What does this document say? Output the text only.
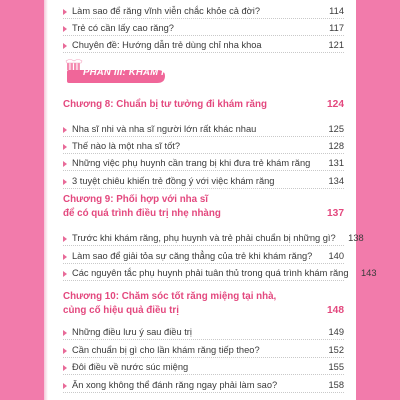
Làm sao để răng vĩnh viễn chắc khỏe cả đời?	114
Trẻ có cần lấy cao răng?	117
Chuyên đề: Hướng dẫn trẻ dùng chỉ nha khoa	121
PHẦN III: KHÁM RĂNG
Chương 8: Chuẩn bị tư tưởng đi khám răng	124
Nha sĩ nhi và nha sĩ người lớn rất khác nhau	125
Thế nào là một nha sĩ tốt?	128
Những việc phụ huynh cần trang bị khi đưa trẻ khám răng	131
3 tuyệt chiêu khiến trẻ đồng ý với việc khám răng	134
Chương 9: Phối hợp với nha sĩ
để có quá trình điều trị nhẹ nhàng	137
Trước khi khám răng, phụ huynh và trẻ phải chuẩn bị những gì?	138
Làm sao để giải tỏa sự căng thẳng của trẻ khi khám răng?	140
Các nguyên tắc phụ huynh phải tuân thủ trong quá trình khám răng	143
Chương 10: Chăm sóc tốt răng miệng tại nhà,
củng cố hiệu quả điều trị	148
Những điều lưu ý sau điều trị	149
Cần chuẩn bị gì cho lần khám răng tiếp theo?	152
Đôi điều về nước súc miệng	155
Ăn xong không thể đánh răng ngay phải làm sao?	158
